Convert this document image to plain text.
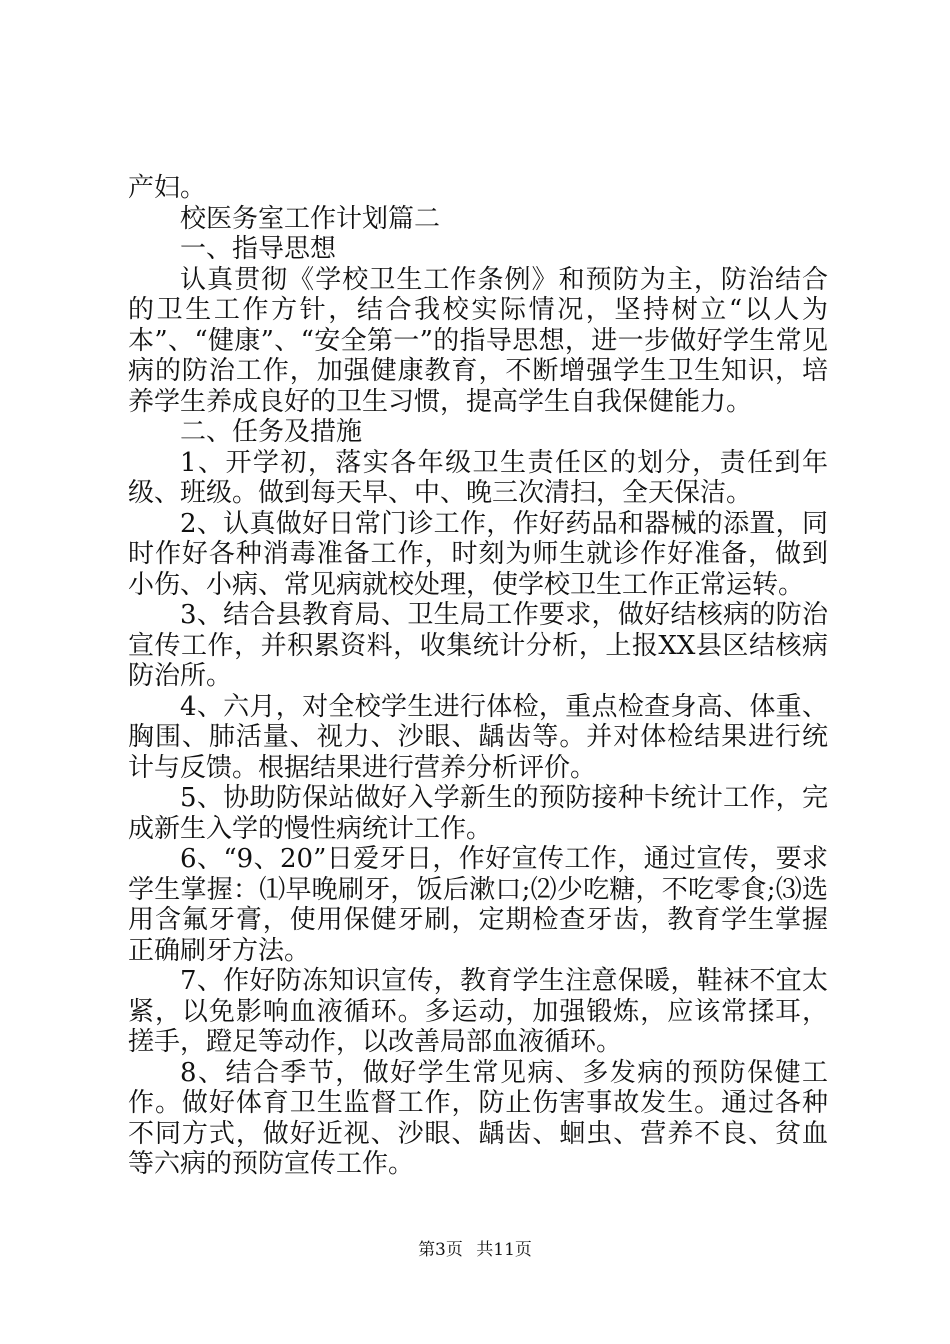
产妇。

校医务室工作计划篇二

一、指导思想

认真贯彻《学校卫生工作条例》和预防为主，防治结合的卫生工作方针，结合我校实际情况，坚持树立“以人为本”、“健康”、“安全第一”的指导思想，进一步做好学生常见病的防治工作，加强健康教育，不断增强学生卫生知识，培养学生养成良好的卫生习惯，提高学生自我保健能力。

二、任务及措施

1、开学初，落实各年级卫生责任区的划分，责任到年级、班级。做到每天早、中、晚三次清扫，全天保洁。

2、认真做好日常门诊工作，作好药品和器械的添置，同时作好各种消毒准备工作，时刻为师生就诊作好准备，做到小伤、小病、常见病就校处理，使学校卫生工作正常运转。

3、结合县教育局、卫生局工作要求，做好结核病的防治宣传工作，并积累资料，收集统计分析，上报XX县区结核病防治所。

4、六月，对全校学生进行体检，重点检查身高、体重、胸围、肺活量、视力、沙眼、龋齿等。并对体检结果进行统计与反馈。根据结果进行营养分析评价。

5、协助防保站做好入学新生的预防接种卡统计工作，完成新生入学的慢性病统计工作。

6、“9、20”日爱牙日，作好宣传工作，通过宣传，要求学生掌握：⑴早晚刷牙，饭后漱口;⑵少吃糖，不吃零食;⑶选用含氟牙膏，使用保健牙刷，定期检查牙齿，教育学生掌握正确刷牙方法。

7、作好防冻知识宣传，教育学生注意保暖，鞋袜不宜太紧，以免影响血液循环。多运动，加强锻炼，应该常揉耳，搓手，蹬足等动作，以改善局部血液循环。

8、结合季节，做好学生常见病、多发病的预防保健工作。做好体育卫生监督工作，防止伤害事故发生。通过各种不同方式，做好近视、沙眼、龋齿、蛔虫、营养不良、贫血等六病的预防宣传工作。

第3页 共11页
